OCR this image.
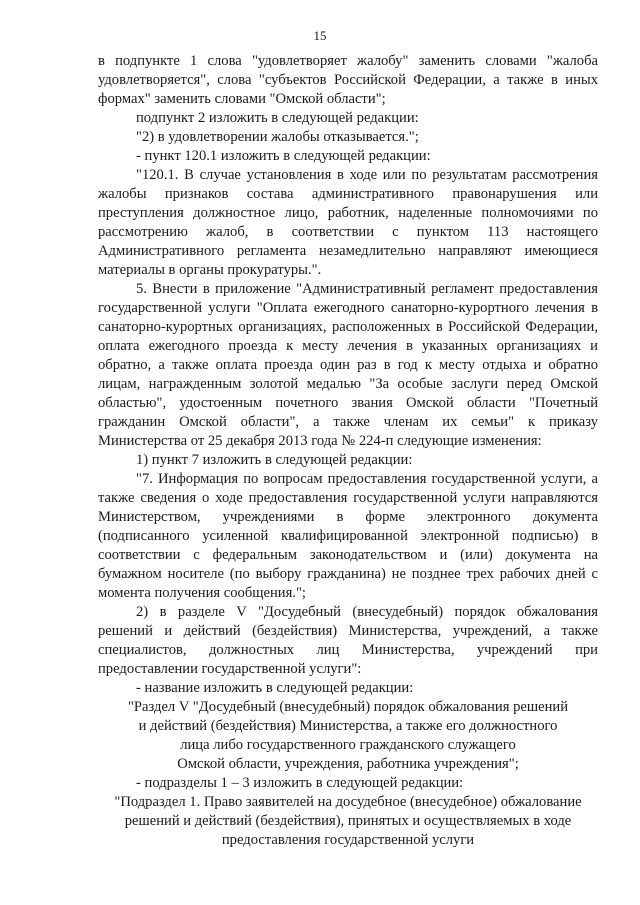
15

в подпункте 1 слова "удовлетворяет жалобу" заменить словами "жалоба удовлетворяется", слова "субъектов Российской Федерации, а также в иных формах" заменить словами "Омской области";

подпункт 2 изложить в следующей редакции:

"2) в удовлетворении жалобы отказывается.";

- пункт 120.1 изложить в следующей редакции:

"120.1. В случае установления в ходе или по результатам рассмотрения жалобы признаков состава административного правонарушения или преступления должностное лицо, работник, наделенные полномочиями по рассмотрению жалоб, в соответствии с пунктом 113 настоящего Административного регламента незамедлительно направляют имеющиеся материалы в органы прокуратуры.".

5. Внести в приложение "Административный регламент предоставления государственной услуги "Оплата ежегодного санаторно-курортного лечения в санаторно-курортных организациях, расположенных в Российской Федерации, оплата ежегодного проезда к месту лечения в указанных организациях и обратно, а также оплата проезда один раз в год к месту отдыха и обратно лицам, награжденным золотой медалью "За особые заслуги перед Омской областью", удостоенным почетного звания Омской области "Почетный гражданин Омской области", а также членам их семьи" к приказу Министерства от 25 декабря 2013 года № 224-п следующие изменения:

1) пункт 7 изложить в следующей редакции:

"7. Информация по вопросам предоставления государственной услуги, а также сведения о ходе предоставления государственной услуги направляются Министерством, учреждениями в форме электронного документа (подписанного усиленной квалифицированной электронной подписью) в соответствии с федеральным законодательством и (или) документа на бумажном носителе (по выбору гражданина) не позднее трех рабочих дней с момента получения сообщения.";

2) в разделе V "Досудебный (внесудебный) порядок обжалования решений и действий (бездействия) Министерства, учреждений, а также специалистов, должностных лиц Министерства, учреждений при предоставлении государственной услуги":

- название изложить в следующей редакции:

"Раздел V "Досудебный (внесудебный) порядок обжалования решений

и действий (бездействия) Министерства, а также его должностного

лица либо государственного гражданского служащего

Омской области, учреждения, работника учреждения";

- подразделы 1 – 3 изложить в следующей редакции:

"Подраздел 1. Право заявителей на досудебное (внесудебное) обжалование

решений и действий (бездействия), принятых и осуществляемых в ходе

предоставления государственной услуги
